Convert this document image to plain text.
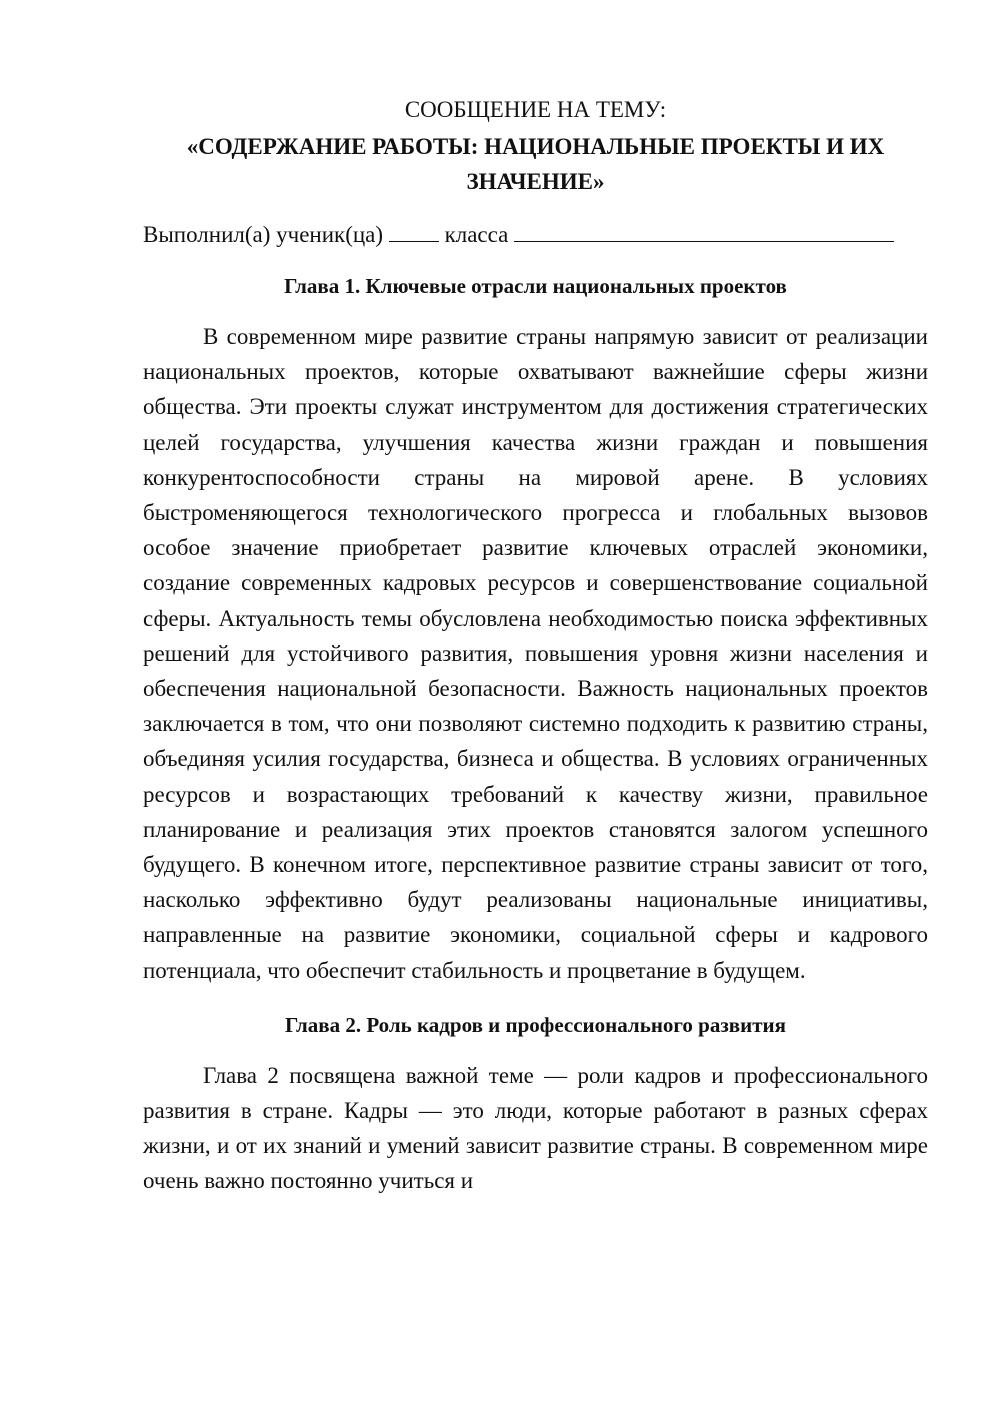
СООБЩЕНИЕ НА ТЕМУ:

«СОДЕРЖАНИЕ РАБОТЫ: НАЦИОНАЛЬНЫЕ ПРОЕКТЫ И ИХ ЗНАЧЕНИЕ»

Выполнил(а) ученик(ца)	класса

Глава 1. Ключевые отрасли национальных проектов

В современном мире развитие страны напрямую зависит от реализации национальных проектов, которые охватывают важнейшие сферы жизни общества. Эти проекты служат инструментом для достижения стратегических целей государства, улучшения качества жизни граждан и повышения конкурентоспособности страны на мировой арене. В условиях быстроменяющегося технологического прогресса и глобальных вызовов особое значение приобретает развитие ключевых отраслей экономики, создание современных кадровых ресурсов и совершенствование социальной сферы. Актуальность темы обусловлена необходимостью поиска эффективных решений для устойчивого развития, повышения уровня жизни населения и обеспечения национальной безопасности. Важность национальных проектов заключается в том, что они позволяют системно подходить к развитию страны, объединяя усилия государства, бизнеса и общества. В условиях ограниченных ресурсов и возрастающих требований к качеству жизни, правильное планирование и реализация этих проектов становятся залогом успешного будущего. В конечном итоге, перспективное развитие страны зависит от того, насколько эффективно будут реализованы национальные инициативы, направленные на развитие экономики, социальной сферы и кадрового потенциала, что обеспечит стабильность и процветание в будущем.

Глава 2. Роль кадров и профессионального развития

Глава 2 посвящена важной теме — роли кадров и профессионального развития в стране. Кадры — это люди, которые работают в разных сферах жизни, и от их знаний и умений зависит развитие страны. В современном мире очень важно постоянно учиться и
